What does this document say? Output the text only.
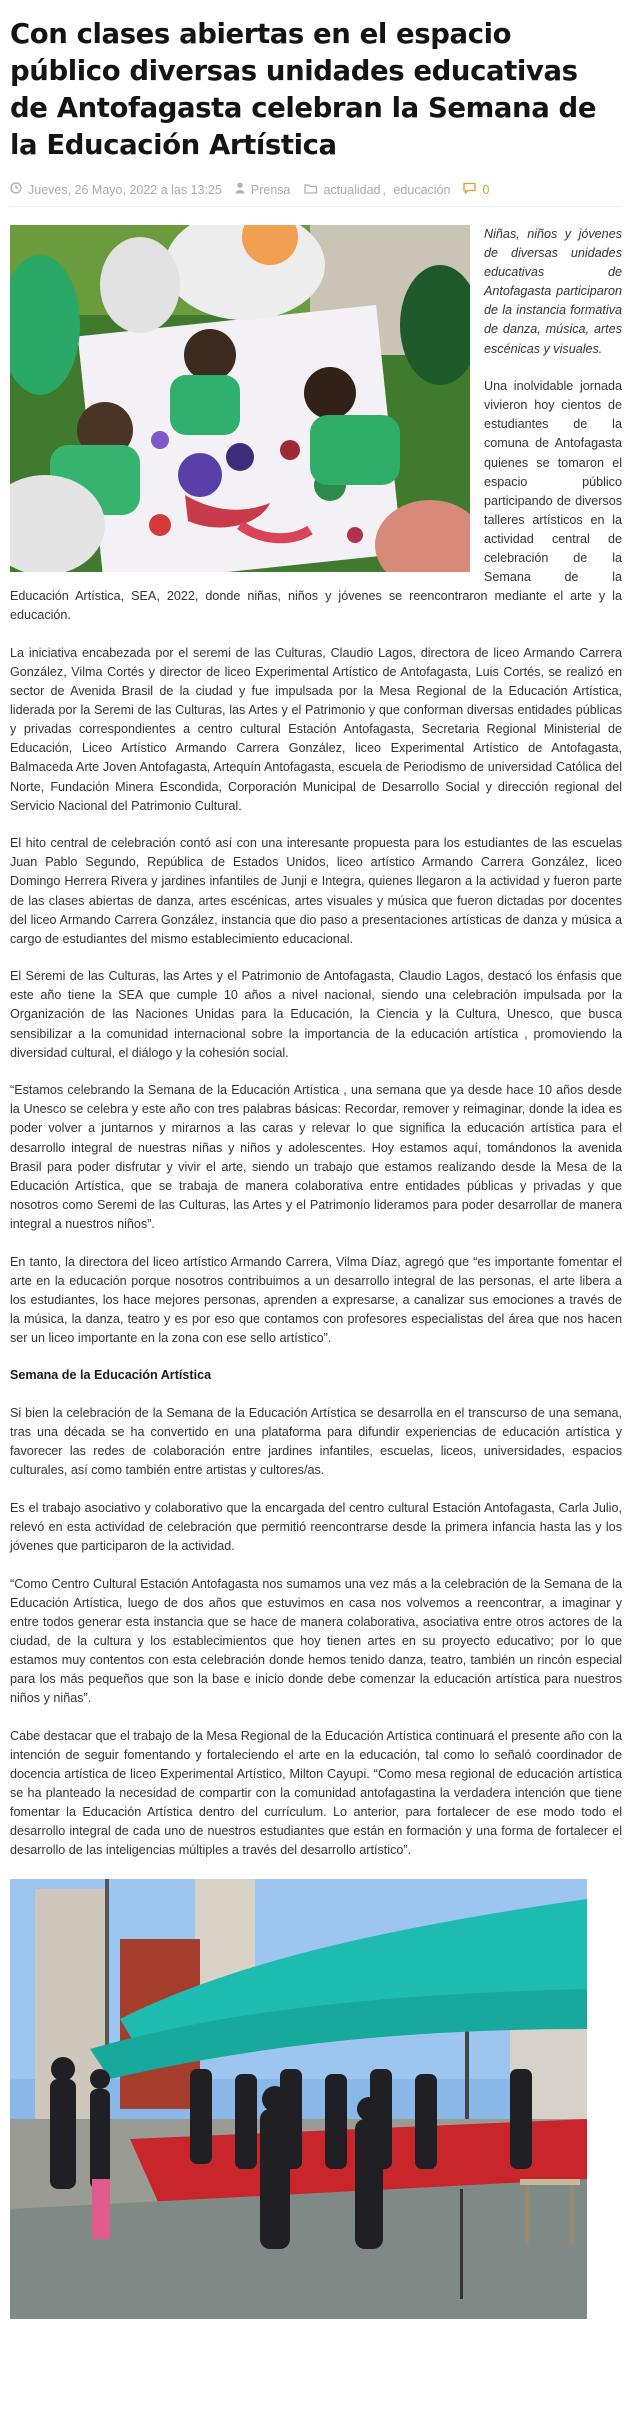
Con clases abiertas en el espacio público diversas unidades educativas de Antofagasta celebran la Semana de la Educación Artística
Jueves, 26 Mayo, 2022 a las 13:25 Prensa	actualidad ,
educación	0

Niñas, niños y jóvenes de diversas unidades educativas de Antofagasta participaron de la instancia formativa de danza, música, artes escénicas y visuales.

Una inolvidable jornada vivieron hoy cientos de estudiantes de la comuna de Antofagasta quienes se tomaron el espacio público participando de diversos talleres artísticos en la actividad central de celebración de la Semana de la Educación Artística, SEA, 2022, donde niñas, niños y jóvenes se reencontraron mediante el arte y la educación.

La iniciativa encabezada por el seremi de las Culturas, Claudio Lagos, directora de liceo Armando Carrera González, Vilma Cortés y director de liceo Experimental Artístico de Antofagasta, Luis Cortés, se realizó en sector de Avenida Brasil de la ciudad y fue impulsada por la Mesa Regional de la Educación Artística, liderada por la Seremi de las Culturas, las Artes y el Patrimonio y que conforman diversas entidades públicas y privadas correspondientes a centro cultural Estación Antofagasta, Secretaria Regional Ministerial de Educación, Liceo Artístico Armando Carrera González, liceo Experimental Artístico de Antofagasta, Balmaceda Arte Joven Antofagasta, Artequín Antofagasta, escuela de Periodismo de universidad Católica del Norte, Fundación Minera Escondida, Corporación Municipal de Desarrollo Social y dirección regional del Servicio Nacional del Patrimonio Cultural.

El hito central de celebración contó así con una interesante propuesta para los estudiantes de las escuelas Juan Pablo Segundo, República de Estados Unidos, liceo artístico Armando Carrera González, liceo Domingo Herrera Rivera y jardines infantiles de Junji e Integra, quienes llegaron a la actividad y fueron parte de las clases abiertas de danza, artes escénicas, artes visuales y música que fueron dictadas por docentes del liceo Armando Carrera González, instancia que dio paso a presentaciones artísticas de danza y música a cargo de estudiantes del mismo establecimiento educacional.

El Seremi de las Culturas, las Artes y el Patrimonio de Antofagasta, Claudio Lagos, destacó los énfasis que este año tiene la SEA que cumple 10 años a nivel nacional, siendo una celebración impulsada por la Organización de las Naciones Unidas para la Educación, la Ciencia y la Cultura, Unesco, que busca sensibilizar a la comunidad internacional sobre la importancia de la educación artística , promoviendo la diversidad cultural, el diálogo y la cohesión social.

“Estamos celebrando la Semana de la Educación Artística , una semana que ya desde hace 10 años desde la Unesco se celebra y este año con tres palabras básicas: Recordar, remover y reimaginar, donde la idea es poder volver a juntarnos y mirarnos a las caras y relevar lo que significa la educación artística para el desarrollo integral de nuestras niñas y niños y adolescentes. Hoy estamos aquí, tomándonos la avenida Brasil para poder disfrutar y vivir el arte, siendo un trabajo que estamos realizando desde la Mesa de la Educación Artística, que se trabaja de manera colaborativa entre entidades públicas y privadas y que nosotros como Seremi de las Culturas, las Artes y el Patrimonio lideramos para poder desarrollar de manera integral a nuestros niños”.

En tanto, la directora del liceo artístico Armando Carrera, Vilma Díaz, agregó que “es importante fomentar el arte en la educación porque nosotros contribuimos a un desarrollo integral de las personas, el arte libera a los estudiantes, los hace mejores personas, aprenden a expresarse, a canalizar sus emociones a través de la música, la danza, teatro y es por eso que contamos con profesores especialistas del área que nos hacen ser un liceo importante en la zona con ese sello artístico”.

Semana de la Educación Artística

Si bien la celebración de la Semana de la Educación Artística se desarrolla en el transcurso de una semana, tras una década se ha convertido en una plataforma para difundir experiencias de educación artística y favorecer las redes de colaboración entre jardines infantiles, escuelas, liceos, universidades, espacios culturales, así como también entre artistas y cultores/as.

Es el trabajo asociativo y colaborativo que la encargada del centro cultural Estación Antofagasta, Carla Julio, relevó en esta actividad de celebración que permitió reencontrarse desde la primera infancia hasta las y los jóvenes que participaron de la actividad.

“Como Centro Cultural Estación Antofagasta nos sumamos una vez más a la celebración de la Semana de la Educación Artística, luego de dos años que estuvimos en casa nos volvemos a reencontrar, a imaginar y entre todos generar esta instancia que se hace de manera colaborativa, asociativa entre otros actores de la ciudad, de la cultura y los establecimientos que hoy tienen artes en su proyecto educativo; por lo que estamos muy contentos con esta celebración donde hemos tenido danza, teatro, también un rincón especial para los más pequeños que son la base e inicio donde debe comenzar la educación artística para nuestros niños y niñas”.

Cabe destacar que el trabajo de la Mesa Regional de la Educación Artística continuará el presente año con la intención de seguir fomentando y fortaleciendo el arte en la educación, tal como lo señaló coordinador de docencia artística de liceo Experimental Artístico, Milton Cayupi. “Como mesa regional de educación artística se ha planteado la necesidad de compartir con la comunidad antofagastina la verdadera intención que tiene fomentar la Educación Artística dentro del currículum. Lo anterior, para fortalecer de ese modo todo el desarrollo integral de cada uno de nuestros estudiantes que están en formación y una forma de fortalecer el desarrollo de las inteligencias múltiples a través del desarrollo artístico”.
